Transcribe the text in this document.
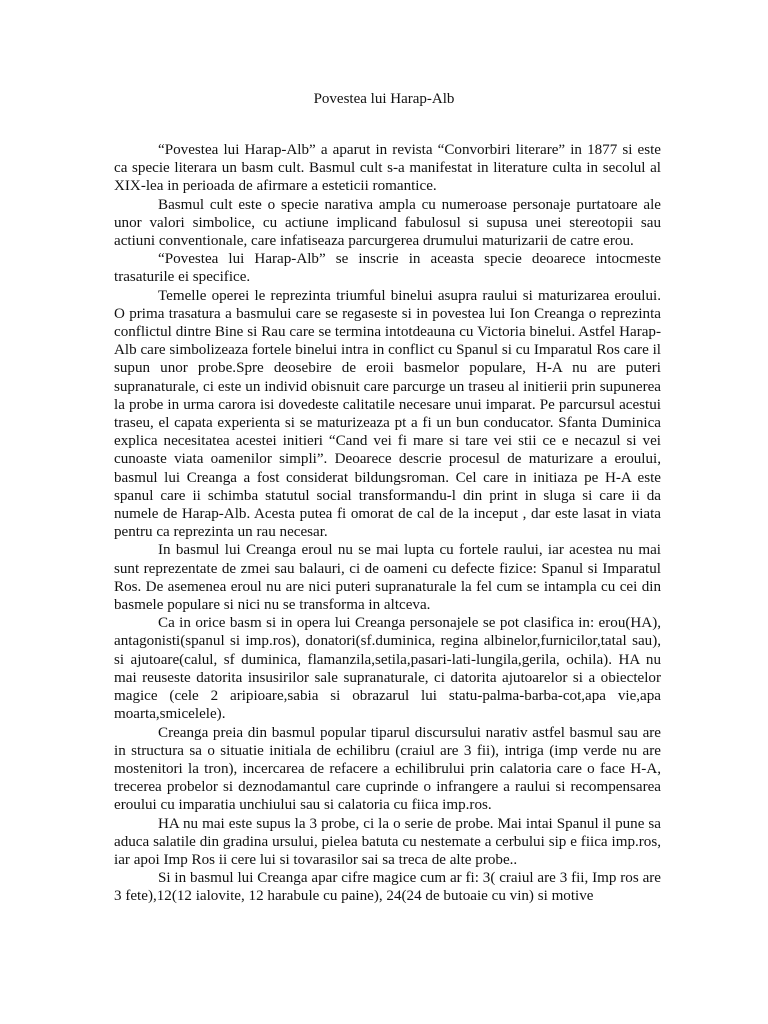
Povestea lui Harap-Alb

“Povestea lui Harap-Alb” a aparut in revista “Convorbiri literare” in 1877 si este ca specie literara un basm cult. Basmul cult s-a manifestat in literature culta in secolul al XIX-lea in perioada de afirmare a esteticii romantice.

Basmul cult este o specie narativa ampla cu numeroase personaje purtatoare ale unor valori simbolice, cu actiune implicand fabulosul si supusa unei stereotopii sau actiuni conventionale, care infatiseaza parcurgerea drumului maturizarii de catre erou.

“Povestea lui Harap-Alb” se inscrie in aceasta specie deoarece intocmeste trasaturile ei specifice.

Temelle operei le reprezinta triumful binelui asupra raului si maturizarea eroului. O prima trasatura a basmului care se regaseste si in povestea lui Ion Creanga o reprezinta conflictul dintre Bine si Rau care se termina intotdeauna cu Victoria binelui. Astfel Harap-Alb care simbolizeaza fortele binelui intra in conflict cu Spanul si cu Imparatul Ros care il supun unor probe.Spre deosebire de eroii basmelor populare, H-A nu are puteri supranaturale, ci este un individ obisnuit care parcurge un traseu al initierii prin supunerea la probe in urma carora isi dovedeste calitatile necesare unui imparat. Pe parcursul acestui traseu, el capata experienta si se maturizeaza pt a fi un bun conducator. Sfanta Duminica explica necesitatea acestei initieri “Cand vei fi mare si tare vei stii ce e necazul si vei cunoaste viata oamenilor simpli”. Deoarece descrie procesul de maturizare a eroului, basmul lui Creanga a fost considerat bildungsroman. Cel care in initiaza pe H-A este spanul care ii schimba statutul social transformandu-l din print in sluga si care ii da numele de Harap-Alb. Acesta putea fi omorat de cal de la inceput , dar este lasat in viata pentru ca reprezinta un rau necesar.

In basmul lui Creanga eroul nu se mai lupta cu fortele raului, iar acestea nu mai sunt reprezentate de zmei sau balauri, ci de oameni cu defecte fizice: Spanul si Imparatul Ros. De asemenea eroul nu are nici puteri supranaturale la fel cum se intampla cu cei din basmele populare si nici nu se transforma in altceva.

Ca in orice basm si in opera lui Creanga personajele se pot clasifica in: erou(HA), antagonisti(spanul si imp.ros), donatori(sf.duminica, regina albinelor,furnicilor,tatal sau), si ajutoare(calul, sf duminica, flamanzila,setila,pasari-lati-lungila,gerila, ochila). HA nu mai reuseste datorita insusirilor sale supranaturale, ci datorita ajutoarelor si a obiectelor magice (cele 2 aripioare,sabia si obrazarul lui statu-palma-barba-cot,apa vie,apa moarta,smicelele).

Creanga preia din basmul popular tiparul discursului narativ astfel basmul sau are in structura sa o situatie initiala de echilibru (craiul are 3 fii), intriga (imp verde nu are mostenitori la tron), incercarea de refacere a echilibrului prin calatoria care o face H-A, trecerea probelor si deznodamantul care cuprinde o infrangere a raului si recompensarea eroului cu imparatia unchiului sau si calatoria cu fiica imp.ros.

HA nu mai este supus la 3 probe, ci la o serie de probe. Mai intai Spanul il pune sa aduca salatile din gradina ursului, pielea batuta cu nestemate a cerbului sip e fiica imp.ros, iar apoi Imp Ros ii cere lui si tovarasilor sai sa treca de alte probe..

Si in basmul lui Creanga apar cifre magice cum ar fi: 3( craiul are 3 fii, Imp ros are 3 fete),12(12 ialovite, 12 harabule cu paine), 24(24 de butoaie cu vin) si motive
